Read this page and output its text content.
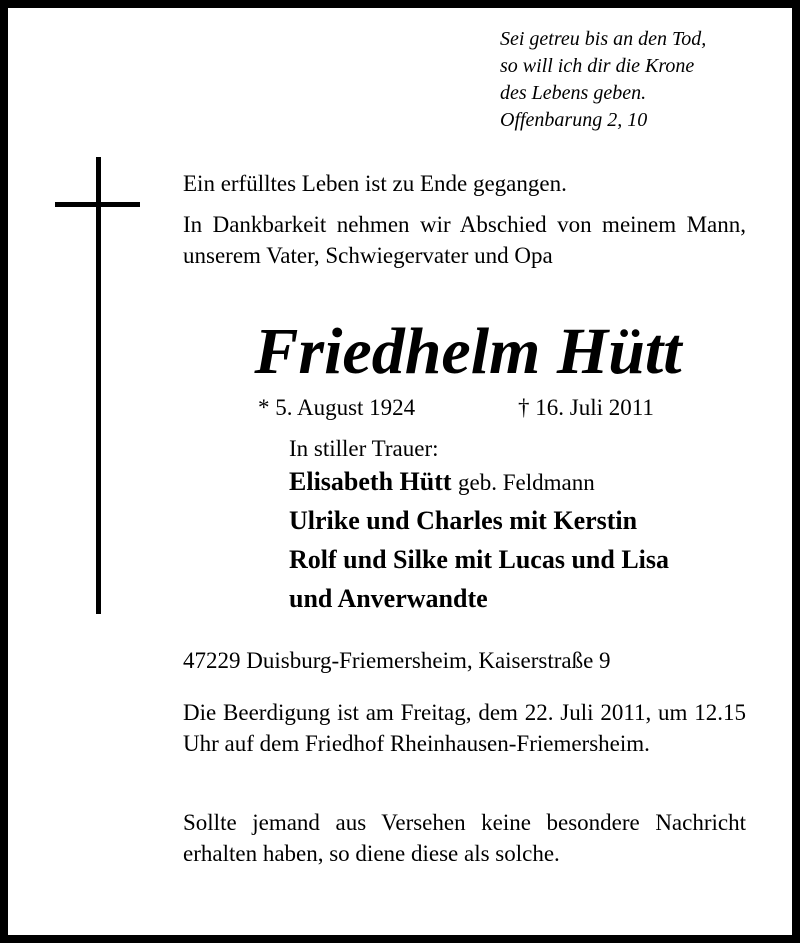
Sei getreu bis an den Tod,
so will ich dir die Krone
des Lebens geben.
Offenbarung 2, 10
Ein erfülltes Leben ist zu Ende gegangen.
In Dankbarkeit nehmen wir Abschied von meinem Mann, unserem Vater, Schwiegervater und Opa
Friedhelm Hütt
* 5. August 1924	† 16. Juli 2011
In stiller Trauer:
Elisabeth Hütt geb. Feldmann
Ulrike und Charles mit Kerstin
Rolf und Silke mit Lucas und Lisa
und Anverwandte
47229 Duisburg-Friemersheim, Kaiserstraße 9
Die Beerdigung ist am Freitag, dem 22. Juli 2011, um 12.15 Uhr auf dem Friedhof Rheinhausen-Friemersheim.
Sollte jemand aus Versehen keine besondere Nachricht erhalten haben, so diene diese als solche.
